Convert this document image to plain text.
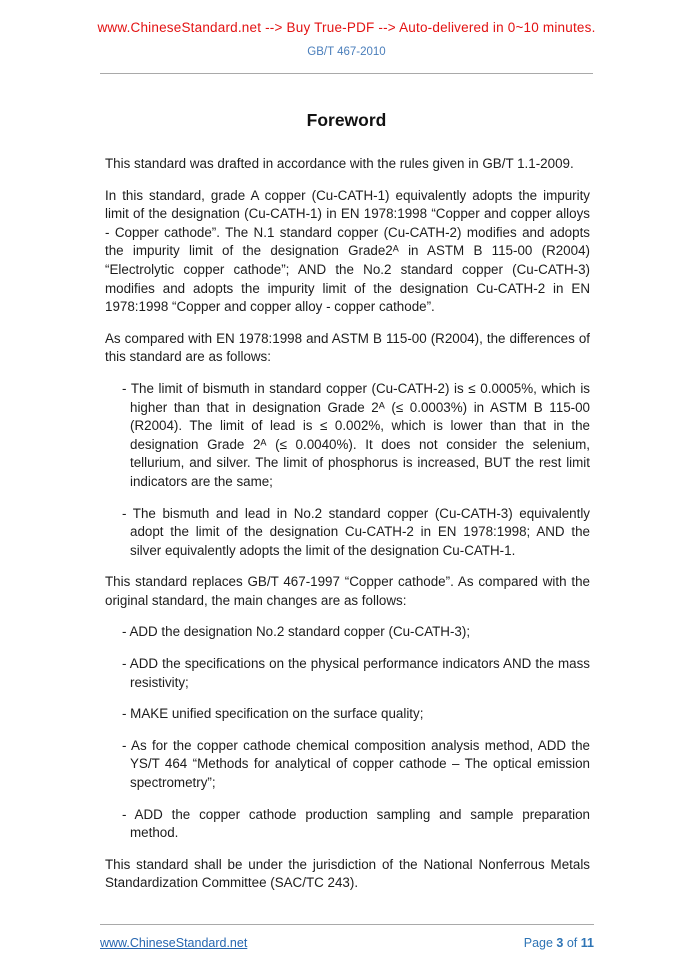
www.ChineseStandard.net --> Buy True-PDF --> Auto-delivered in 0~10 minutes.
GB/T 467-2010
Foreword
This standard was drafted in accordance with the rules given in GB/T 1.1-2009.
In this standard, grade A copper (Cu-CATH-1) equivalently adopts the impurity limit of the designation (Cu-CATH-1) in EN 1978:1998 “Copper and copper alloys - Copper cathode”. The N.1 standard copper (Cu-CATH-2) modifies and adopts the impurity limit of the designation Grade2ᴬ in ASTM B 115-00 (R2004) “Electrolytic copper cathode”; AND the No.2 standard copper (Cu-CATH-3) modifies and adopts the impurity limit of the designation Cu-CATH-2 in EN 1978:1998 “Copper and copper alloy - copper cathode”.
As compared with EN 1978:1998 and ASTM B 115-00 (R2004), the differences of this standard are as follows:
- The limit of bismuth in standard copper (Cu-CATH-2) is ≤ 0.0005%, which is higher than that in designation Grade 2ᴬ (≤ 0.0003%) in ASTM B 115-00 (R2004). The limit of lead is ≤ 0.002%, which is lower than that in the designation Grade 2ᴬ (≤ 0.0040%). It does not consider the selenium, tellurium, and silver. The limit of phosphorus is increased, BUT the rest limit indicators are the same;
- The bismuth and lead in No.2 standard copper (Cu-CATH-3) equivalently adopt the limit of the designation Cu-CATH-2 in EN 1978:1998; AND the silver equivalently adopts the limit of the designation Cu-CATH-1.
This standard replaces GB/T 467-1997 “Copper cathode”. As compared with the original standard, the main changes are as follows:
- ADD the designation No.2 standard copper (Cu-CATH-3);
- ADD the specifications on the physical performance indicators AND the mass resistivity;
- MAKE unified specification on the surface quality;
- As for the copper cathode chemical composition analysis method, ADD the YS/T 464 “Methods for analytical of copper cathode – The optical emission spectrometry”;
- ADD the copper cathode production sampling and sample preparation method.
This standard shall be under the jurisdiction of the National Nonferrous Metals Standardization Committee (SAC/TC 243).
www.ChineseStandard.net	Page 3 of 11
